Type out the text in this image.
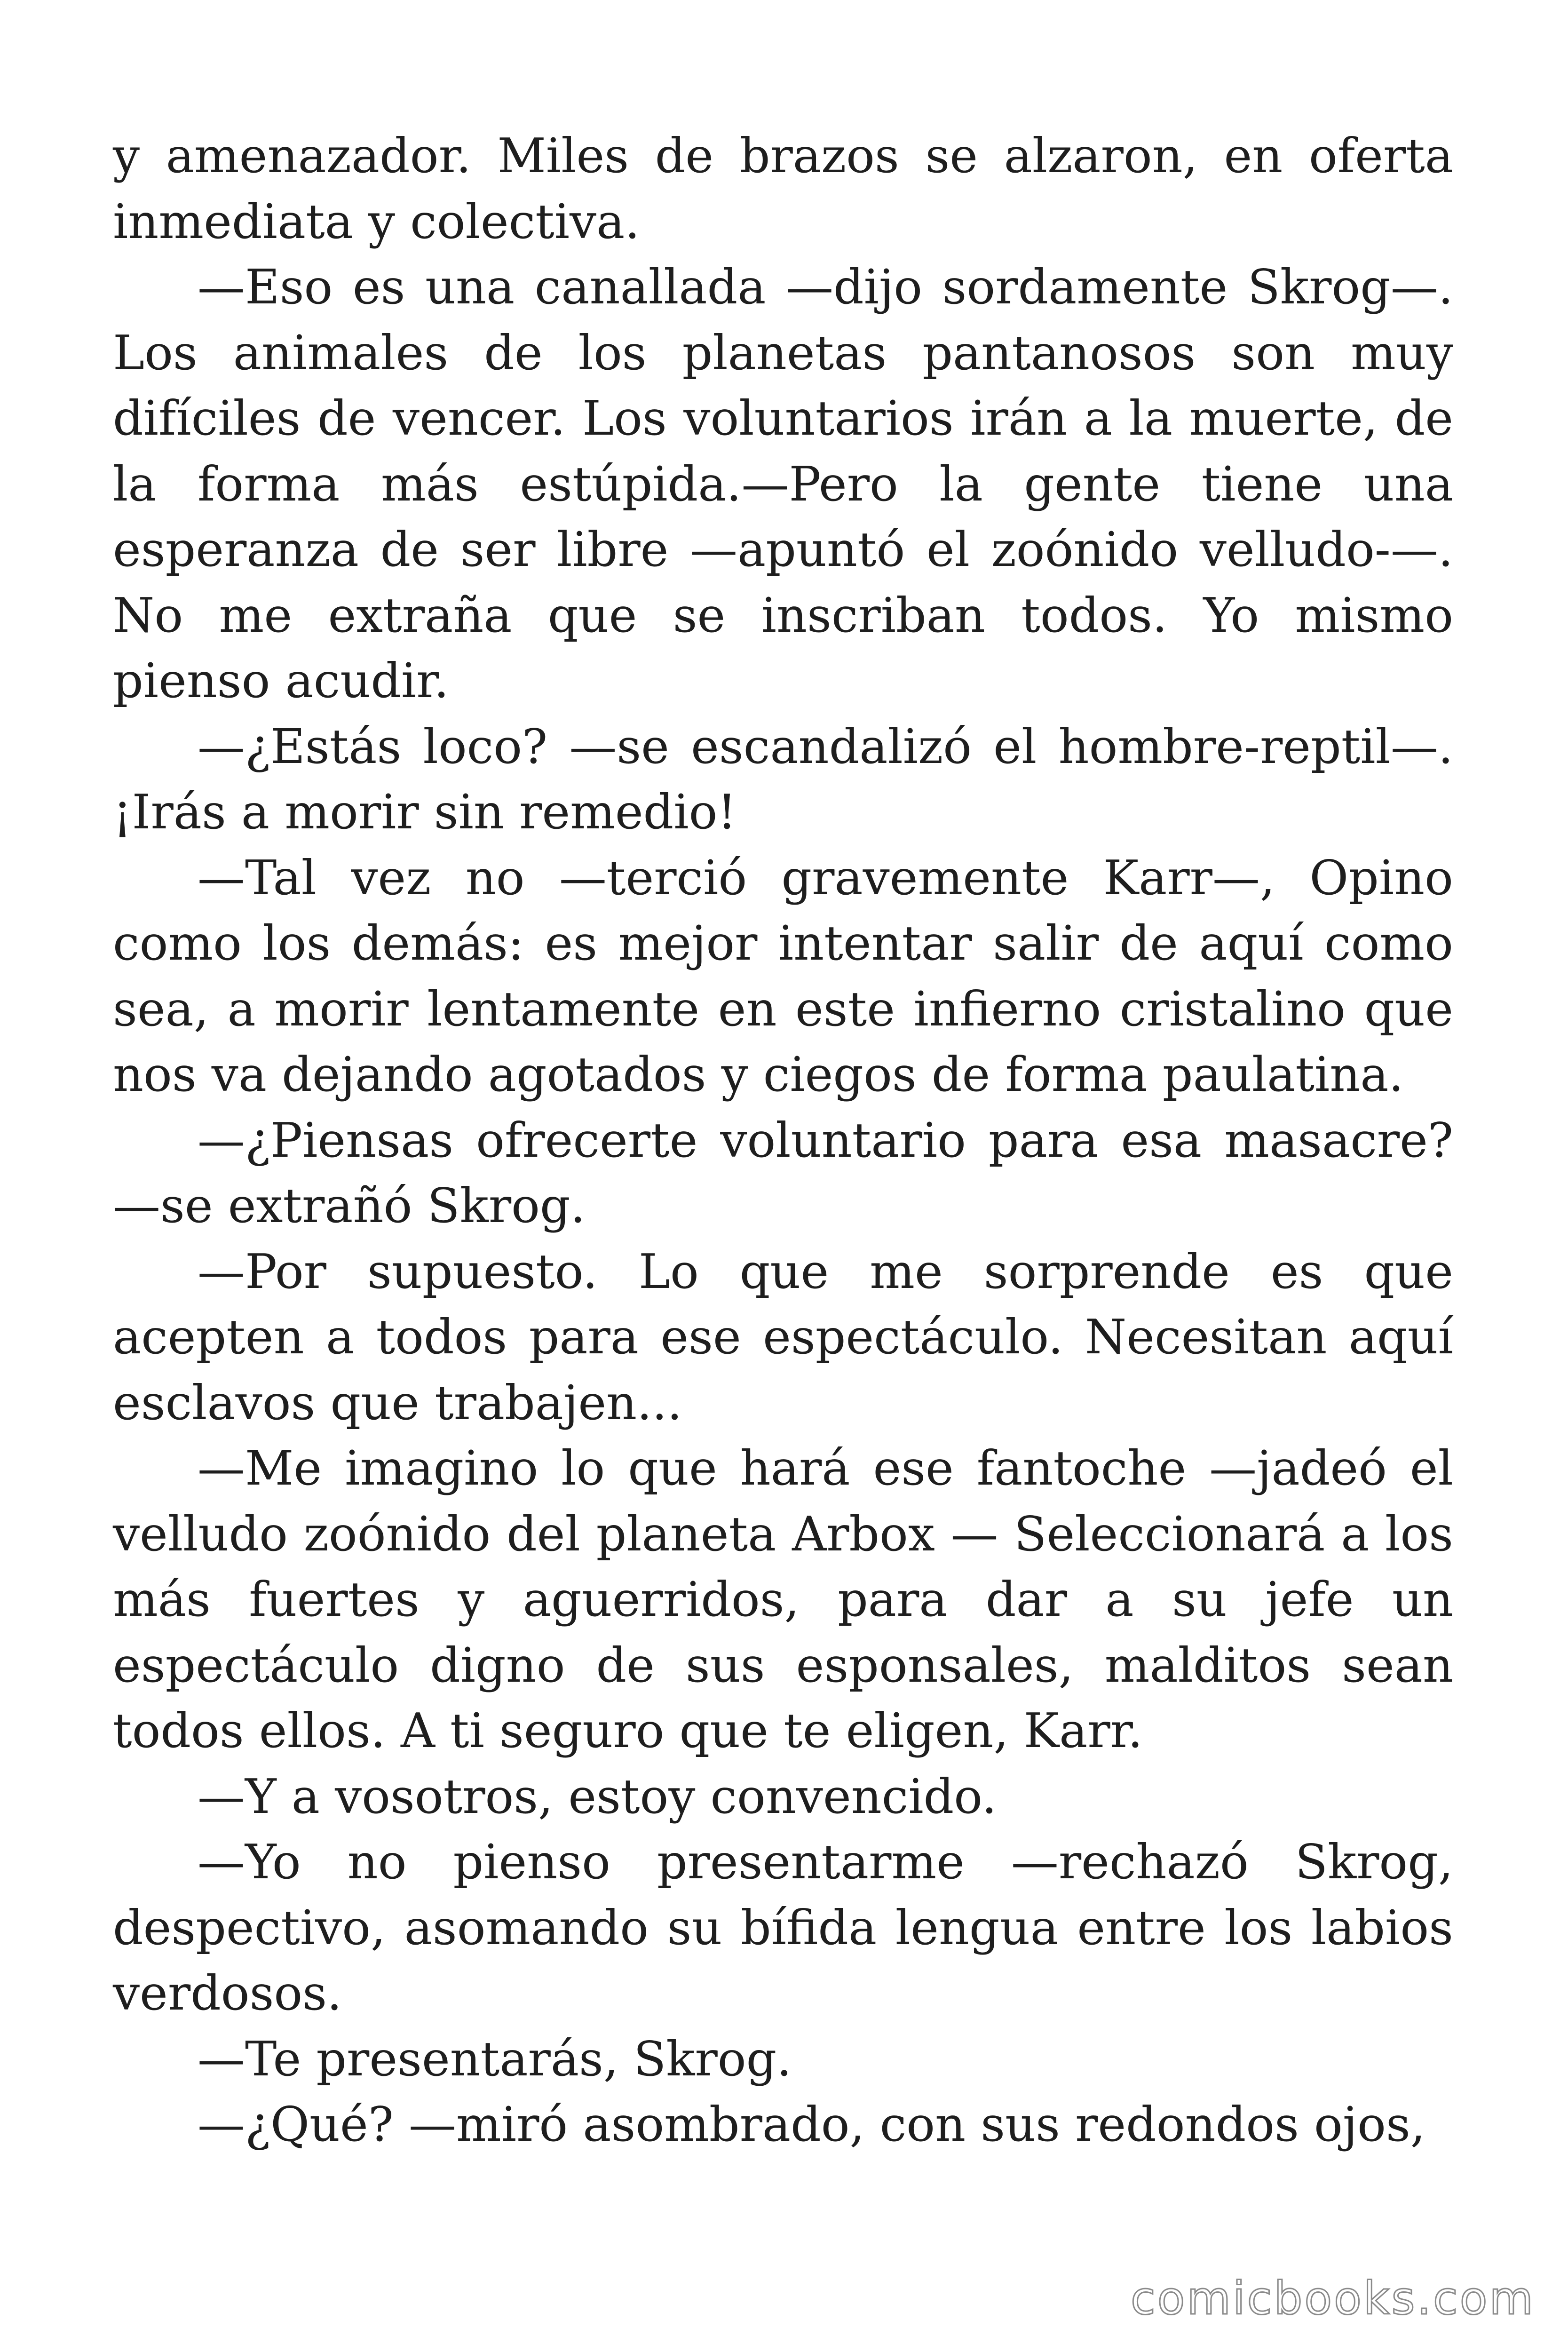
y amenazador. Miles de brazos se alzaron, en oferta inmediata y colectiva.

—Eso es una canallada —dijo sordamente Skrog—. Los animales de los planetas pantanosos son muy difíciles de vencer. Los voluntarios irán a la muerte, de la forma más estúpida.—Pero la gente tiene una esperanza de ser libre —apuntó el zoónido velludo-—. No me extraña que se inscriban todos. Yo mismo pienso acudir.

—¿Estás loco? —se escandalizó el hombre-reptil—. ¡Irás a morir sin remedio!

—Tal vez no —terció gravemente Karr—, Opino como los demás: es mejor intentar salir de aquí como sea, a morir lentamente en este infierno cristalino que nos va dejando agotados y ciegos de forma paulatina.

—¿Piensas ofrecerte voluntario para esa masacre? —se extrañó Skrog.

—Por supuesto. Lo que me sorprende es que acepten a todos para ese espectáculo. Necesitan aquí esclavos que trabajen...

—Me imagino lo que hará ese fantoche —jadeó el velludo zoónido del planeta Arbox — Seleccionará a los más fuertes y aguerridos, para dar a su jefe un espectáculo digno de sus esponsales, malditos sean todos ellos. A ti seguro que te eligen, Karr.

—Y a vosotros, estoy convencido.

—Yo no pienso presentarme —rechazó Skrog, despectivo, asomando su bífida lengua entre los labios verdosos.

—Te presentarás, Skrog.

—¿Qué? —miró asombrado, con sus redondos ojos,

comicbooks.com
